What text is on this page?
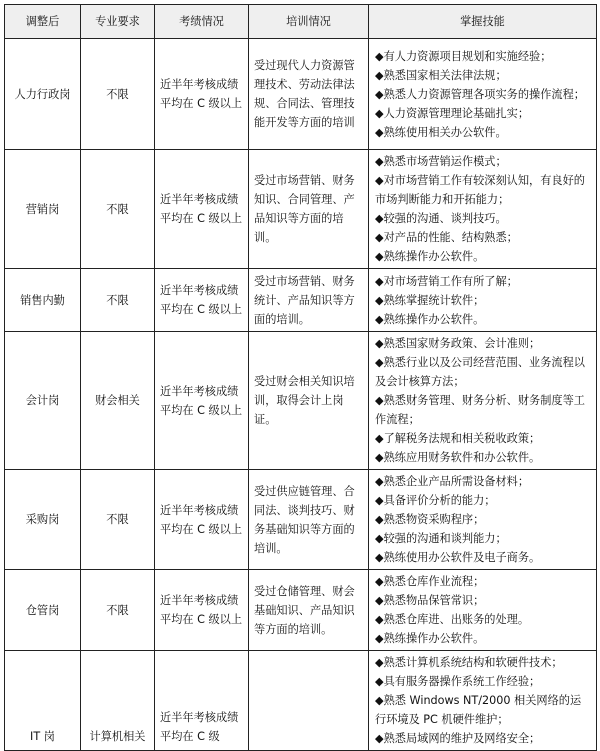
调整后	专业要求	考绩情况	培训情况	掌握技能
人力行政岗	不限	近半年考核成绩平均在 C 级以上	受过现代人力资源管理技术、劳动法律法规、合同法、管理技能开发等方面的培训	◆有人力资源项目规划和实施经验；
◆熟悉国家相关法律法规；
◆熟悉人力资源管理各项实务的操作流程；
◆人力资源管理理论基础扎实；
◆熟练使用相关办公软件。

营销岗	不限	近半年考核成绩平均在 C 级以上	受过市场营销、财务知识、合同管理、产品知识等方面的培训。	◆熟悉市场营销运作模式；
◆对市场营销工作有较深刻认知，有良好的市场判断能力和开拓能力；
◆较强的沟通、谈判技巧。
◆对产品的性能、结构熟悉；
◆熟练操作办公软件。

销售内勤	不限	近半年考核成绩平均在 C 级以上	受过市场营销、财务统计、产品知识等方面的培训。	◆对市场营销工作有所了解；
◆熟练掌握统计软件；
◆熟练操作办公软件。

会计岗	财会相关	近半年考核成绩平均在 C 级以上	受过财会相关知识培训，取得会计上岗证。	◆熟悉国家财务政策、会计准则；
◆熟悉行业以及公司经营范围、业务流程以及会计核算方法；
◆熟悉财务管理、财务分析、财务制度等工作流程；
◆了解税务法规和相关税收政策；
◆熟练应用财务软件和办公软件。

采购岗	不限	近半年考核成绩平均在 C 级以上	受过供应链管理、合同法、谈判技巧、财务基础知识等方面的培训。	◆熟悉企业产品所需设备材料；
◆具备评价分析的能力；
◆熟悉物资采购程序；
◆较强的沟通和谈判能力；
◆熟练使用办公软件及电子商务。

仓管岗	不限	近半年考核成绩平均在 C 级以上	受过仓储管理、财会基础知识、产品知识等方面的培训。	◆熟悉仓库作业流程；
◆熟悉物品保管常识；
◆熟悉仓库进、出账务的处理。
◆熟练操作办公软件。

IT 岗	计算机相关	近半年考核成绩平均在 C 级		◆熟悉计算机系统结构和软硬件技术；
◆具有服务器操作系统工作经验；
◆熟悉 Windows NT/2000 相关网络的运行环境及 PC 机硬件维护；
◆熟悉局域网的维护及网络安全；
